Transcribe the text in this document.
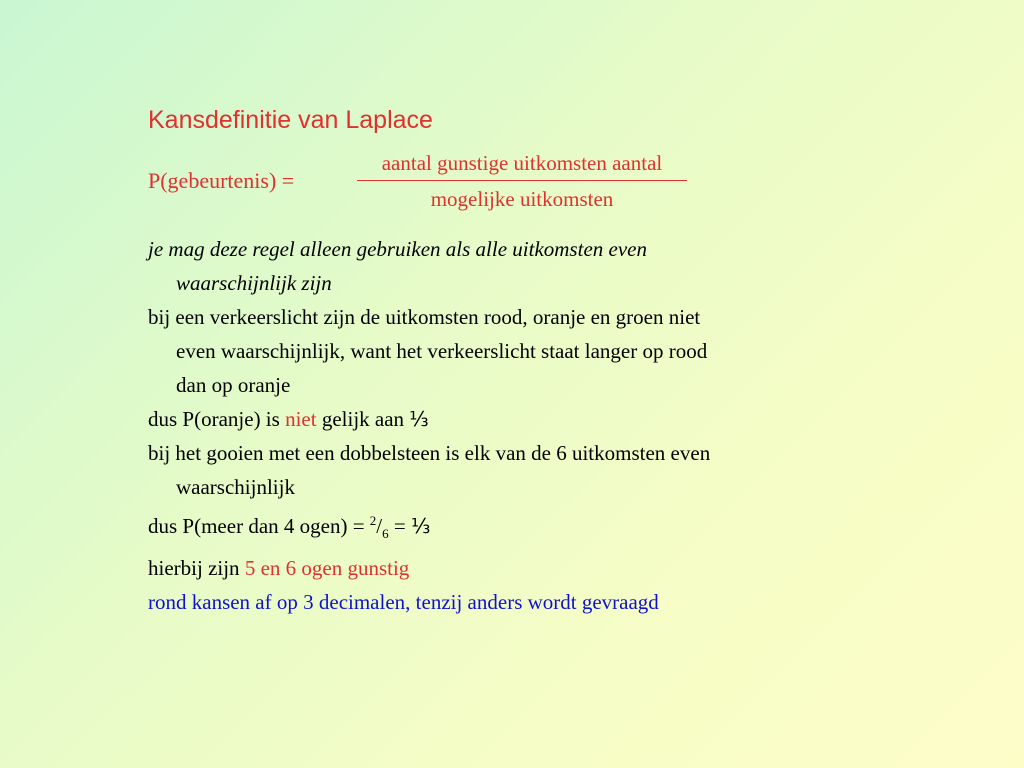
Kansdefinitie van Laplace
P(gebeurtenis) =
aantal gunstige uitkomsten aantal
mogelijke uitkomsten
je mag deze regel alleen gebruiken als alle uitkomsten even
waarschijnlijk zijn
bij een verkeerslicht zijn de uitkomsten rood, oranje en groen niet
even waarschijnlijk, want het verkeerslicht staat langer op rood
dan op oranje
dus P(oranje) is niet gelijk aan ⅓
bij het gooien met een dobbelsteen is elk van de 6 uitkomsten even
waarschijnlijk
dus P(meer dan 4 ogen) = $^2/_6$ = ⅓
hierbij zijn 5 en 6 ogen gunstig
rond kansen af op 3 decimalen, tenzij anders wordt gevraagd
